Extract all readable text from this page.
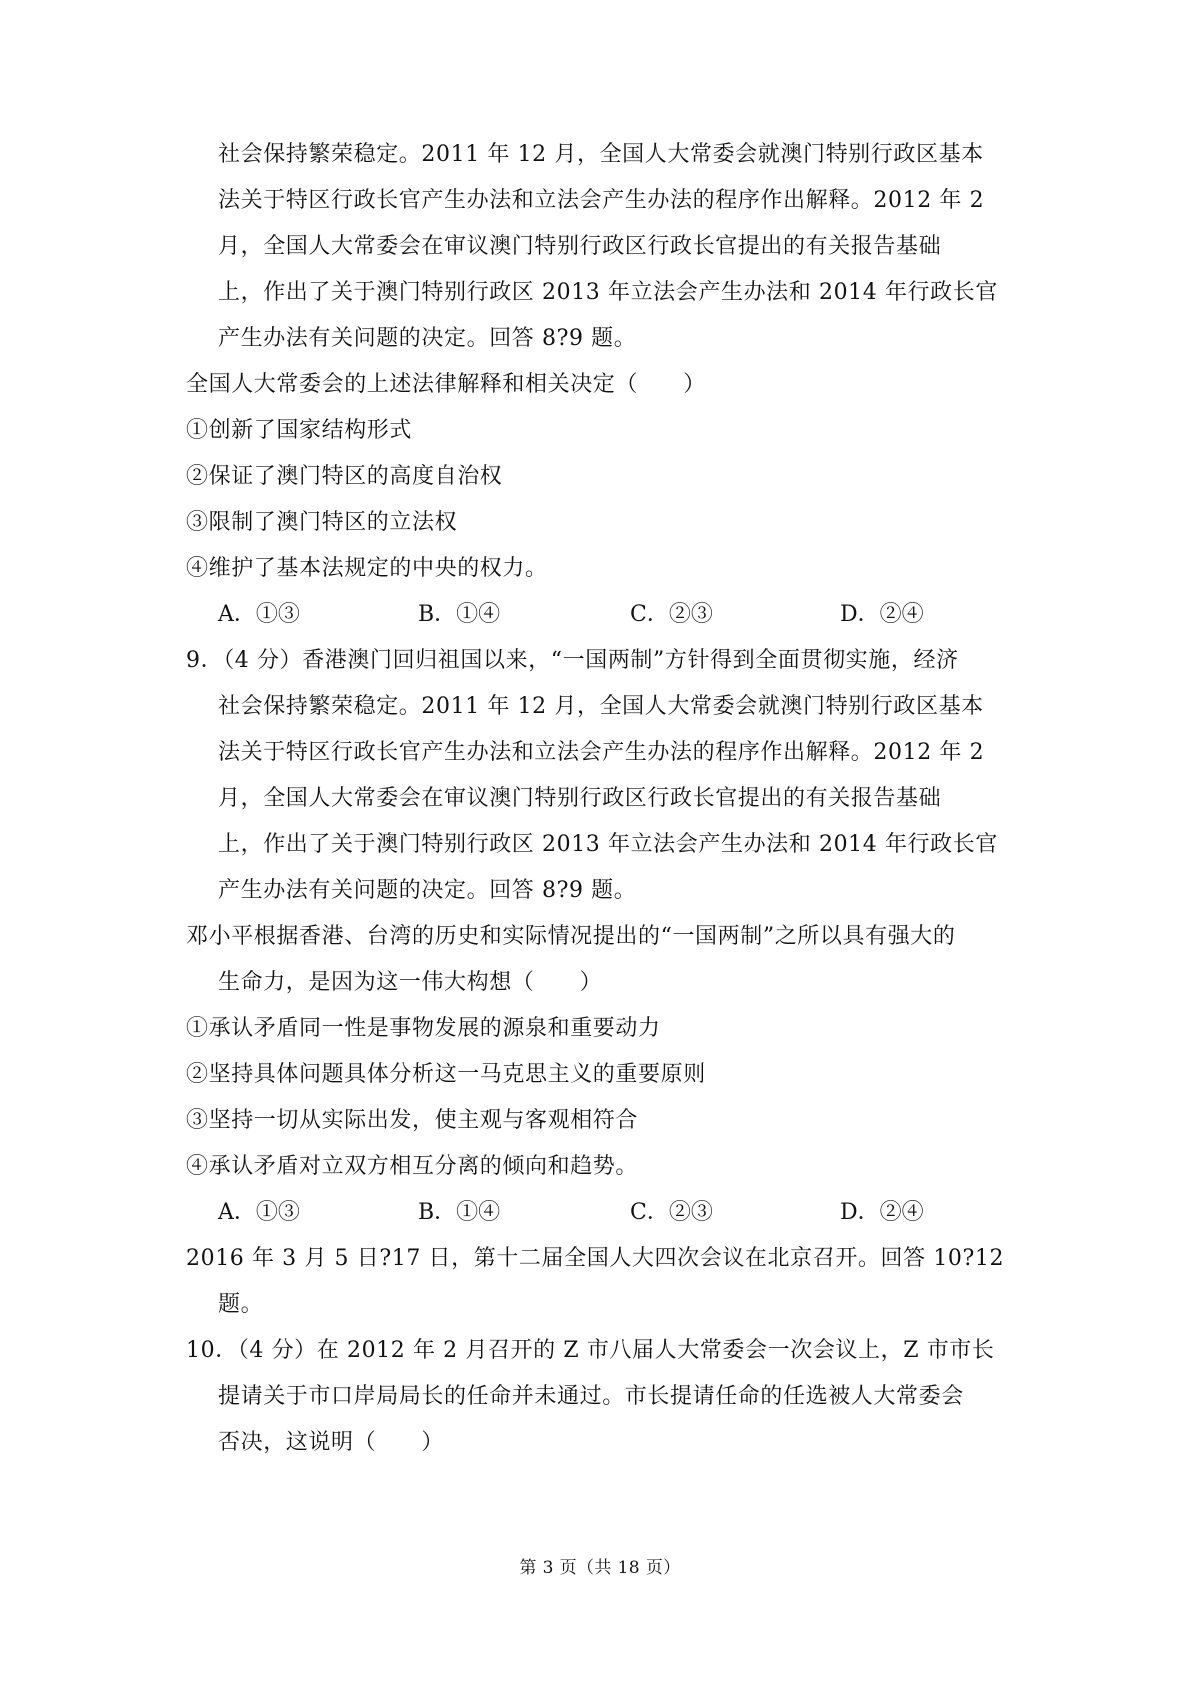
社会保持繁荣稳定。2011 年 12 月，全国人大常委会就澳门特别行政区基本
法关于特区行政长官产生办法和立法会产生办法的程序作出解释。2012 年 2
月，全国人大常委会在审议澳门特别行政区行政长官提出的有关报告基础
上，作出了关于澳门特别行政区 2013 年立法会产生办法和 2014 年行政长官
产生办法有关问题的决定。回答 8?9 题。
全国人大常委会的上述法律解释和相关决定（　　）
①创新了国家结构形式
②保证了澳门特区的高度自治权
③限制了澳门特区的立法权
④维护了基本法规定的中央的权力。
A．①③	B．①④	C．②③	D．②④
9．（4 分）香港澳门回归祖国以来，“一国两制”方针得到全面贯彻实施，经济
社会保持繁荣稳定。2011 年 12 月，全国人大常委会就澳门特别行政区基本
法关于特区行政长官产生办法和立法会产生办法的程序作出解释。2012 年 2
月，全国人大常委会在审议澳门特别行政区行政长官提出的有关报告基础
上，作出了关于澳门特别行政区 2013 年立法会产生办法和 2014 年行政长官
产生办法有关问题的决定。回答 8?9 题。
邓小平根据香港、台湾的历史和实际情况提出的“一国两制”之所以具有强大的
生命力，是因为这一伟大构想（　　）
①承认矛盾同一性是事物发展的源泉和重要动力
②坚持具体问题具体分析这一马克思主义的重要原则
③坚持一切从实际出发，使主观与客观相符合
④承认矛盾对立双方相互分离的倾向和趋势。
A．①③	B．①④	C．②③	D．②④
2016 年 3 月 5 日?17 日，第十二届全国人大四次会议在北京召开。回答 10?12
题。
10．（4 分）在 2012 年 2 月召开的 Z 市八届人大常委会一次会议上，Z 市市长
提请关于市口岸局局长的任命并未通过。市长提请任命的任选被人大常委会
否决，这说明（　　）
第 3 页（共 18 页）
